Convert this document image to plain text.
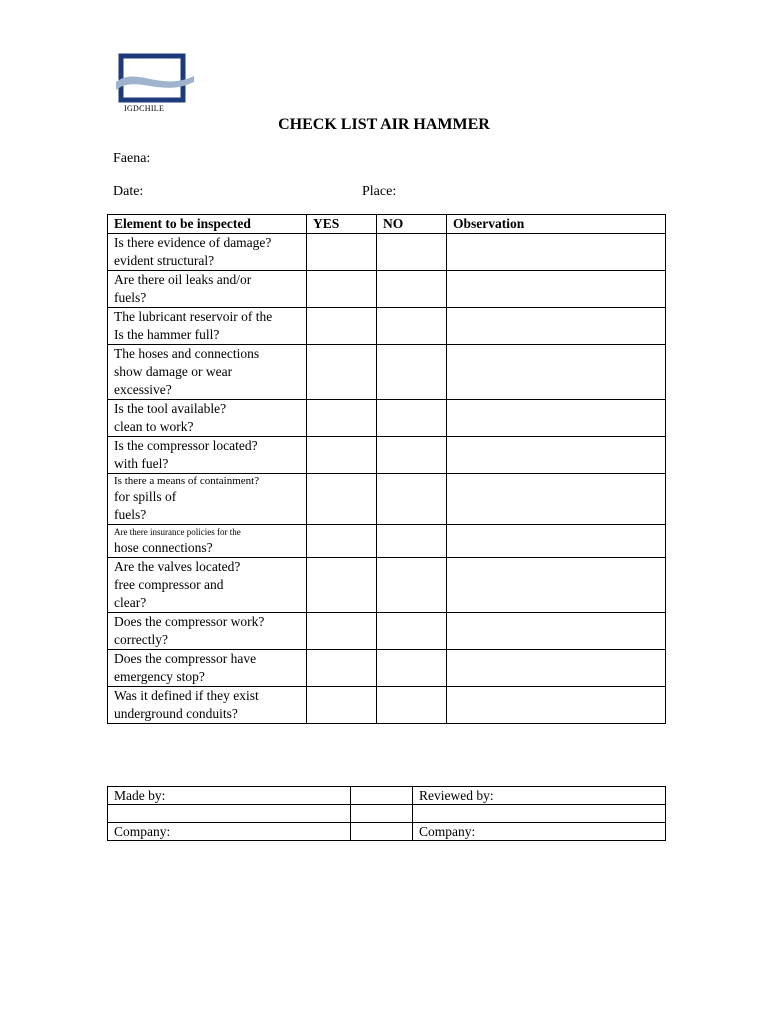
IGDCHILE
CHECK LIST AIR HAMMER
Faena:
Date:	Place:
Element to be inspected	YES	NO	Observation

Is there evidence of damage?
evident structural?			

Are there oil leaks and/or
fuels?			

The lubricant reservoir of the
Is the hammer full?			

The hoses and connections
show damage or wear
excessive?			

Is the tool available?
clean to work?			

Is the compressor located?
with fuel?			

Is there a means of containment?
for spills of
fuels?			

Are there insurance policies for the
hose connections?			

Are the valves located?
free compressor and
clear?			

Does the compressor work?
correctly?			

Does the compressor have
emergency stop?			

Was it defined if they exist
underground conduits?			

Made by:		Reviewed by:

Company:		Company:
